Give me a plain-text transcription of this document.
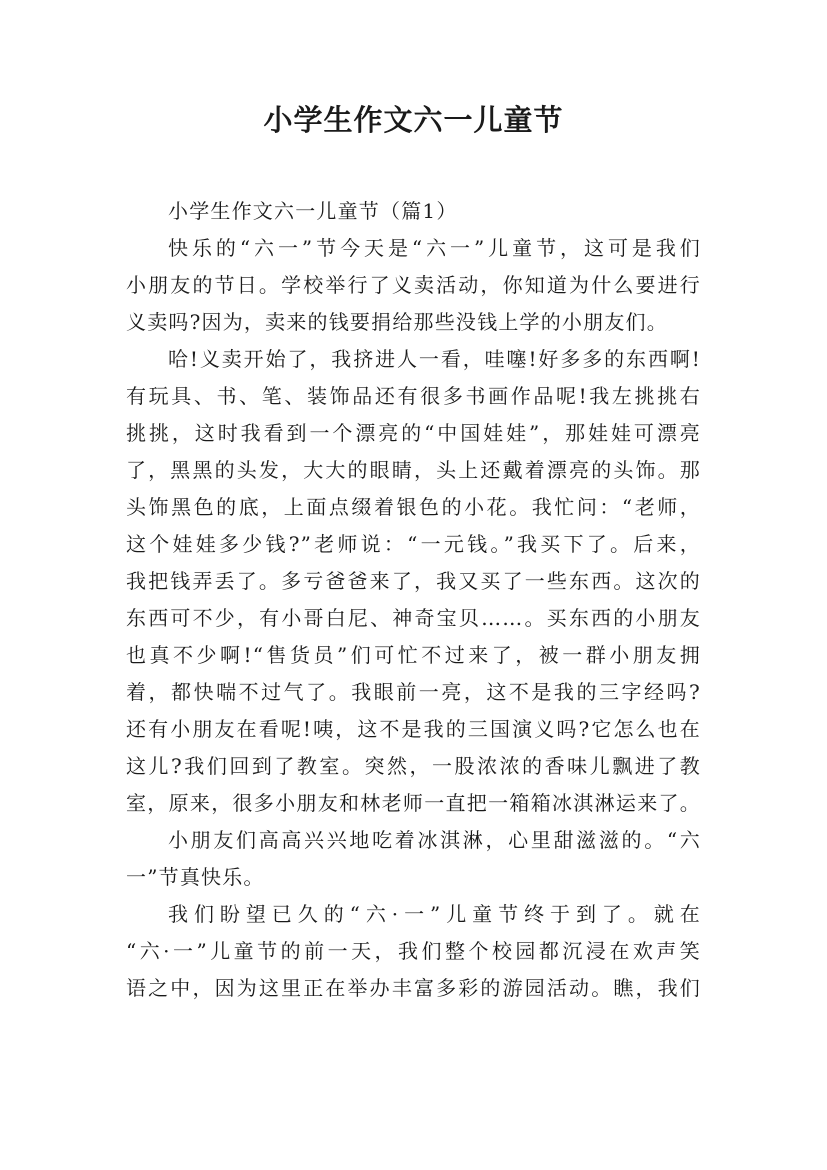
小学生作文六一儿童节
小学生作文六一儿童节（篇1）
快乐的“六一”节今天是“六一”儿童节，这可是我们
小朋友的节日。学校举行了义卖活动，你知道为什么要进行
义卖吗?因为，卖来的钱要捐给那些没钱上学的小朋友们。
哈!义卖开始了，我挤进人一看，哇噻!好多多的东西啊!
有玩具、书、笔、装饰品还有很多书画作品呢!我左挑挑右
挑挑，这时我看到一个漂亮的“中国娃娃”，那娃娃可漂亮
了，黑黑的头发，大大的眼睛，头上还戴着漂亮的头饰。那
头饰黑色的底，上面点缀着银色的小花。我忙问：“老师，
这个娃娃多少钱?”老师说：“一元钱。”我买下了。后来，
我把钱弄丢了。多亏爸爸来了，我又买了一些东西。这次的
东西可不少，有小哥白尼、神奇宝贝……。买东西的小朋友
也真不少啊!“售货员”们可忙不过来了，被一群小朋友拥
着，都快喘不过气了。我眼前一亮，这不是我的三字经吗?
还有小朋友在看呢!咦，这不是我的三国演义吗?它怎么也在
这儿?我们回到了教室。突然，一股浓浓的香味儿飘进了教
室，原来，很多小朋友和林老师一直把一箱箱冰淇淋运来了。
小朋友们高高兴兴地吃着冰淇淋，心里甜滋滋的。“六
一”节真快乐。
我们盼望已久的“六·一”儿童节终于到了。就在
“六·一”儿童节的前一天，我们整个校园都沉浸在欢声笑
语之中，因为这里正在举办丰富多彩的游园活动。瞧，我们
